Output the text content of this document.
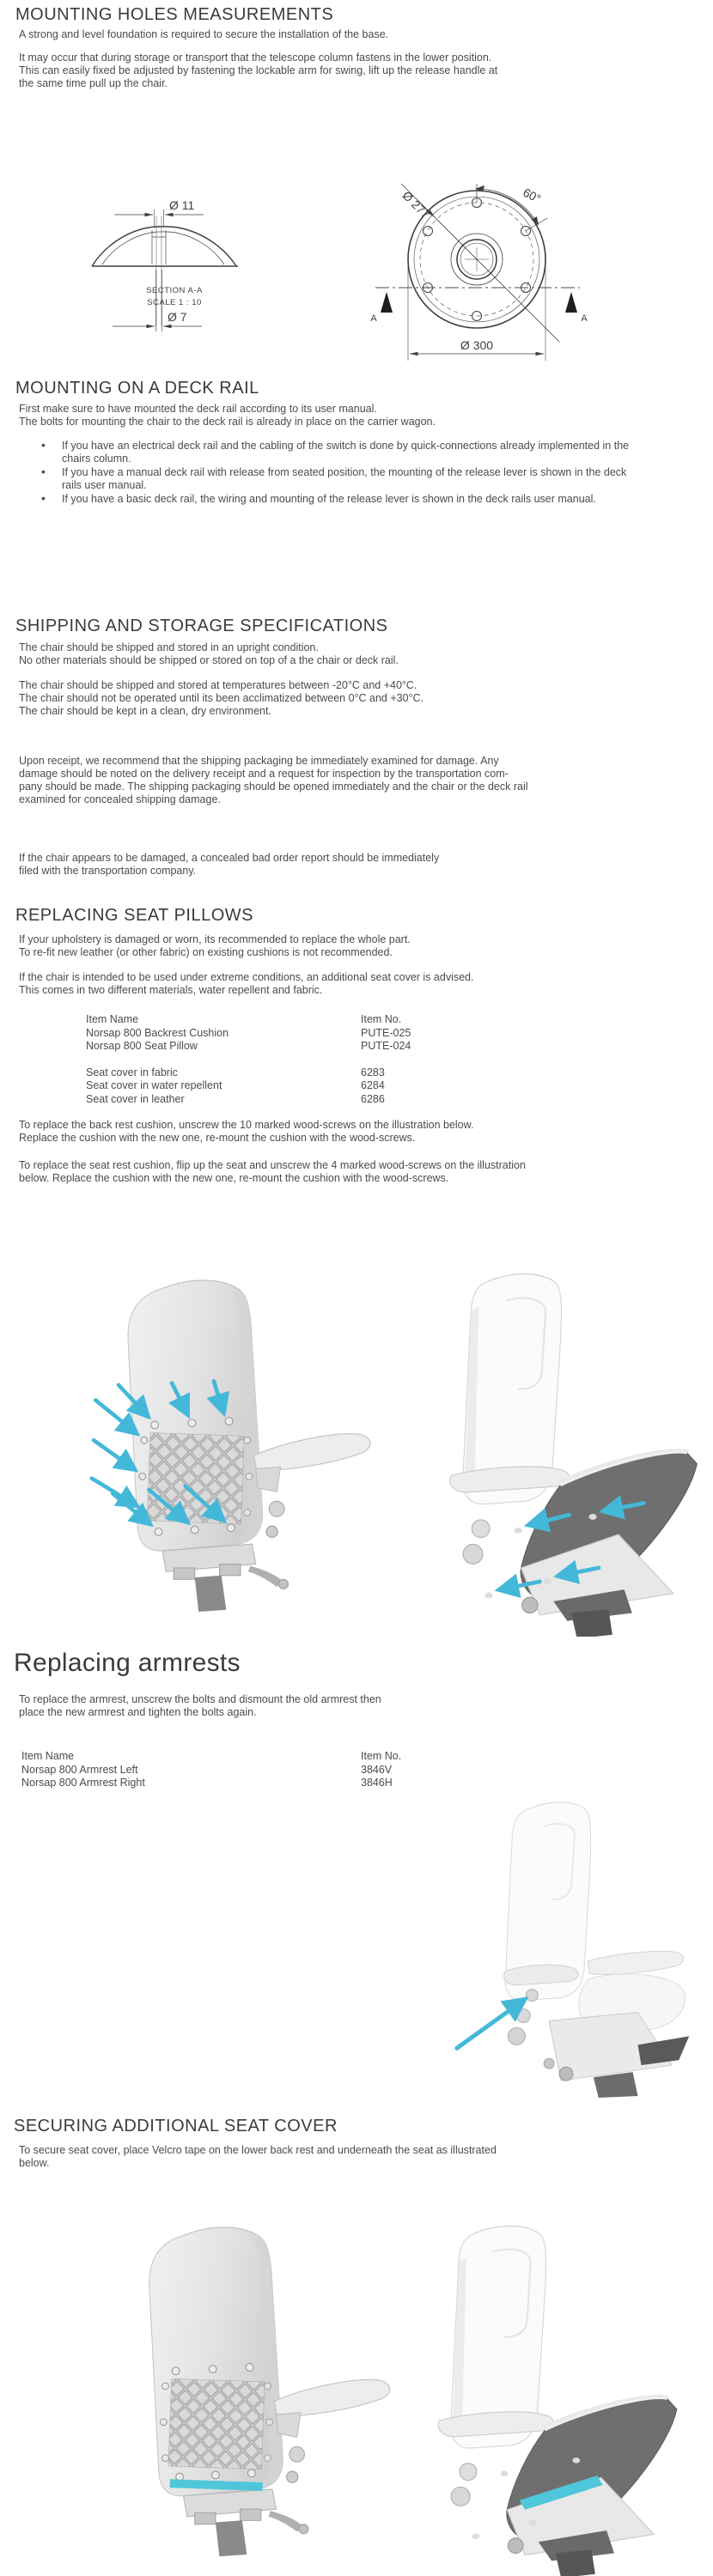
MOUNTING HOLES MEASUREMENTS
A strong and level foundation is required to secure the installation of the base.
It may occur that during storage or transport that the telescope column fastens in the lower position.
This can easily fixed be adjusted by fastening the lockable arm for swing, lift up the release handle at
the same time pull up the chair.
Ø 11
Ø 7
SECTION A-A
SCALE 1 : 10
Ø 277	60°
Ø 300
A	A
MOUNTING ON A DECK RAIL
First make sure to have mounted the deck rail according to its user manual.
The bolts for mounting the chair to the deck rail is already in place on the carrier wagon.
• If you have an electrical deck rail and the cabling of the switch is done by quick-connections already implemented in the chairs column.
• If you have a manual deck rail with release from seated position, the mounting of the release lever is shown in the deck rails user manual.
• If you have a basic deck rail, the wiring and mounting of the release lever is shown in the deck rails user manual.
SHIPPING AND STORAGE SPECIFICATIONS
The chair should be shipped and stored in an upright condition.
No other materials should be shipped or stored on top of a the chair or deck rail.
The chair should be shipped and stored at temperatures between -20°C and +40°C.
The chair should not be operated until its been acclimatized between 0°C and +30°C.
The chair should be kept in a clean, dry environment.
Upon receipt, we recommend that the shipping packaging be immediately examined for damage. Any
damage should be noted on the delivery receipt and a request for inspection by the transportation com-
pany should be made. The shipping packaging should be opened immediately and the chair or the deck rail
examined for concealed shipping damage.
If the chair appears to be damaged, a concealed bad order report should be immediately
filed with the transportation company.
REPLACING SEAT PILLOWS
If your upholstery is damaged or worn, its recommended to replace the whole part.
To re-fit new leather (or other fabric) on existing cushions is not recommended.
If the chair is intended to be used under extreme conditions, an additional seat cover is advised.
This comes in two different materials, water repellent and fabric.
Item Name	Item No.
Norsap 800 Backrest Cushion	PUTE-025
Norsap 800 Seat Pillow	PUTE-024
Seat cover in fabric	6283
Seat cover in water repellent	6284
Seat cover in leather	6286
To replace the back rest cushion, unscrew the 10 marked wood-screws on the illustration below.
Replace the cushion with the new one, re-mount the cushion with the wood-screws.
To replace the seat rest cushion, flip up the seat and unscrew the 4 marked wood-screws on the illustration
below. Replace the cushion with the new one, re-mount the cushion with the wood-screws.
Replacing armrests
To replace the armrest, unscrew the bolts and dismount the old armrest then
place the new armrest and tighten the bolts again.
Item Name	Item No.
Norsap 800 Armrest Left	3846V
Norsap 800 Armrest Right	3846H
SECURING ADDITIONAL SEAT COVER
To secure seat cover, place Velcro tape on the lower back rest and underneath the seat as illustrated
below.
